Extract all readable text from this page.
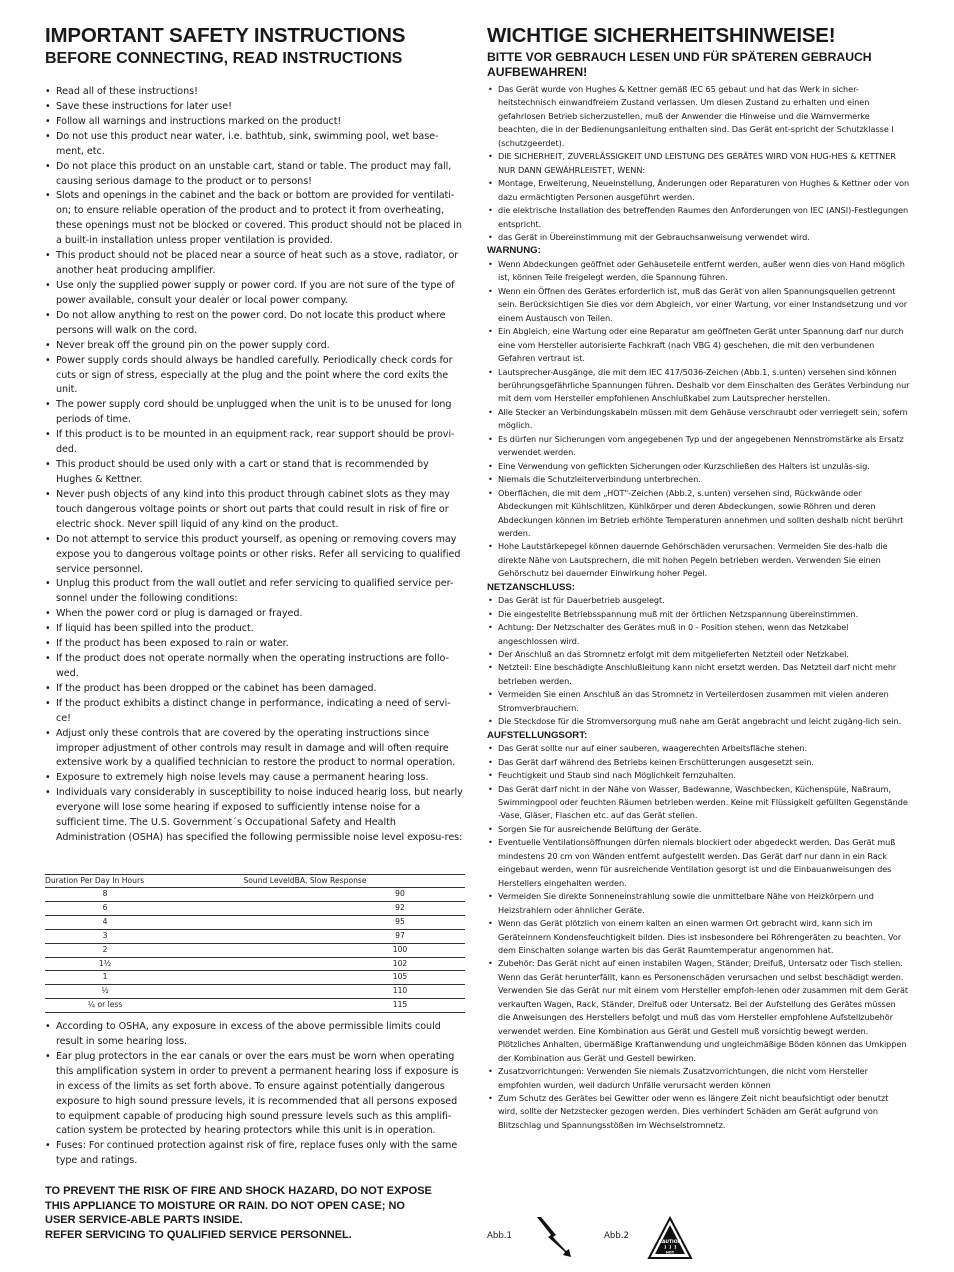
IMPORTANT SAFETY INSTRUCTIONS
BEFORE CONNECTING, READ INSTRUCTIONS
• Read all of these instructions!
• Save these instructions for later use!
• Follow all warnings and instructions marked on the product!
• Do not use this product near water, i.e. bathtub, sink, swimming pool, wet base-ment, etc.
• Do not place this product on an unstable cart, stand or table. The product may fall, causing serious damage to the product or to persons!
• Slots and openings in the cabinet and the back or bottom are provided for ventilati-on; to ensure reliable operation of the product and to protect it from overheating, these openings must not be blocked or covered. This product should not be placed in a built-in installation unless proper ventilation is provided.
• This product should not be placed near a source of heat such as a stove, radiator, or another heat producing amplifier.
• Use only the supplied power supply or power cord. If you are not sure of the type of power available, consult your dealer or local power company.
• Do not allow anything to rest on the power cord. Do not locate this product where persons will walk on the cord.
• Never break off the ground pin on the power supply cord.
• Power supply cords should always be handled carefully. Periodically check cords for cuts or sign of stress, especially at the plug and the point where the cord exits the unit.
• The power supply cord should be unplugged when the unit is to be unused for long periods of time.
• If this product is to be mounted in an equipment rack, rear support should be provi-ded.
• This product should be used only with a cart or stand that is recommended by Hughes & Kettner.
• Never push objects of any kind into this product through cabinet slots as they may touch dangerous voltage points or short out parts that could result in risk of fire or electric shock. Never spill liquid of any kind on the product.
• Do not attempt to service this product yourself, as opening or removing covers may expose you to dangerous voltage points or other risks. Refer all servicing to qualified service personnel.
• Unplug this product from the wall outlet and refer servicing to qualified service per-sonnel under the following conditions:
• When the power cord or plug is damaged or frayed.
• If liquid has been spilled into the product.
• If the product has been exposed to rain or water.
• If the product does not operate normally when the operating instructions are follo-wed.
• If the product has been dropped or the cabinet has been damaged.
• If the product exhibits a distinct change in performance, indicating a need of servi-ce!
• Adjust only these controls that are covered by the operating instructions since improper adjustment of other controls may result in damage and will often require extensive work by a qualified technician to restore the product to normal operation.
• Exposure to extremely high noise levels may cause a permanent hearing loss.
• Individuals vary considerably in susceptibility to noise induced hearig loss, but nearly everyone will lose some hearing if exposed to sufficiently intense noise for a sufficient time. The U.S. Government´s Occupational Safety and Health Administration (OSHA) has specified the following permissible noise level exposu-res:
Duration Per Day In Hours	Sound LeveldBA, Slow Response
8	90
6	92
4	95
3	97
2	100
1½	102
1	105
½	110
¼ or less	115
• According to OSHA, any exposure in excess of the above permissible limits could result in some hearing loss.
• Ear plug protectors in the ear canals or over the ears must be worn when operating this amplification system in order to prevent a permanent hearing loss if exposure is in excess of the limits as set forth above. To ensure against potentially dangerous exposure to high sound pressure levels, it is recommended that all persons exposed to equipment capable of producing high sound pressure levels such as this amplifi-cation system be protected by hearing protectors while this unit is in operation.
• Fuses: For continued protection against risk of fire, replace fuses only with the same type and ratings.
TO PREVENT THE RISK OF FIRE AND SHOCK HAZARD, DO NOT EXPOSE
THIS APPLIANCE TO MOISTURE OR RAIN. DO NOT OPEN CASE; NO
USER SERVICE-ABLE PARTS INSIDE.
REFER SERVICING TO QUALIFIED SERVICE PERSONNEL.
WICHTIGE SICHERHEITSHINWEISE!
BITTE VOR GEBRAUCH LESEN UND FÜR SPÄTEREN GEBRAUCH AUFBEWAHREN!
• Das Gerät wurde von Hughes & Kettner gemäß IEC 65 gebaut und hat das Werk in sicher-heitstechnisch einwandfreiem Zustand verlassen. Um diesen Zustand zu erhalten und einen gefahrlosen Betrieb sicherzustellen, muß der Anwender die Hinweise und die Warnvermerke beachten, die in der Bedienungsanleitung enthalten sind. Das Gerät ent-spricht der Schutzklasse I (schutzgeerdet).
• DIE SICHERHEIT, ZUVERLÄSSIGKEIT UND LEISTUNG DES GERÄTES WIRD VON HUG-HES & KETTNER NUR DANN GEWÄHRLEISTET, WENN:
• Montage, Erweiterung, Neueinstellung, Änderungen oder Reparaturen von Hughes & Kettner oder von dazu ermächtigten Personen ausgeführt werden.
• die elektrische Installation des betreffenden Raumes den Anforderungen von IEC (ANSI)-Festlegungen entspricht.
• das Gerät in Übereinstimmung mit der Gebrauchsanweisung verwendet wird.

WARNUNG:

• Wenn Abdeckungen geöffnet oder Gehäuseteile entfernt werden, außer wenn dies von Hand möglich ist, können Teile freigelegt werden, die Spannung führen.
• Wenn ein Öffnen des Gerätes erforderlich ist, muß das Gerät von allen Spannungsquellen getrennt sein. Berücksichtigen Sie dies vor dem Abgleich, vor einer Wartung, vor einer Instandsetzung und vor einem Austausch von Teilen.
• Ein Abgleich, eine Wartung oder eine Reparatur am geöffneten Gerät unter Spannung darf nur durch eine vom Hersteller autorisierte Fachkraft (nach VBG 4) geschehen, die mit den verbundenen Gefahren vertraut ist.
• Lautsprecher-Ausgänge, die mit dem IEC 417/5036-Zeichen (Abb.1, s.unten) versehen sind können berührungsgefährliche Spannungen führen. Deshalb vor dem Einschalten des Gerätes Verbindung nur mit dem vom Hersteller empfohlenen Anschlußkabel zum Lautsprecher herstellen.
• Alle Stecker an Verbindungskabeln müssen mit dem Gehäuse verschraubt oder verriegelt sein, sofern möglich.
• Es dürfen nur Sicherungen vom angegebenen Typ und der angegebenen Nennstromstärke als Ersatz verwendet werden.
• Eine Verwendung von geflickten Sicherungen oder Kurzschließen des Halters ist unzuläs-sig.
• Niemals die Schutzleiterverbindung unterbrechen.
• Oberflächen, die mit dem „HOT"-Zeichen (Abb.2, s.unten) versehen sind, Rückwände oder Abdeckungen mit Kühlschlitzen, Kühlkörper und deren Abdeckungen, sowie Röhren und deren Abdeckungen können im Betrieb erhöhte Temperaturen annehmen und sollten deshalb nicht berührt werden.
• Hohe Lautstärkepegel können dauernde Gehörschäden verursachen. Vermeiden Sie des-halb die direkte Nähe von Lautsprechern, die mit hohen Pegeln betrieben werden. Verwenden Sie einen Gehörschutz bei dauernder Einwirkung hoher Pegel.

NETZANSCHLUSS:

• Das Gerät ist für Dauerbetrieb ausgelegt.
• Die eingestellte Betriebsspannung muß mit der örtlichen Netzspannung übereinstimmen.
• Achtung: Der Netzschalter des Gerätes muß in 0 - Position stehen, wenn das Netzkabel angeschlossen wird.
• Der Anschluß an das Stromnetz erfolgt mit dem mitgelieferten Netzteil oder Netzkabel.
• Netzteil: Eine beschädigte Anschlußleitung kann nicht ersetzt werden. Das Netzteil darf nicht mehr betrieben werden.
• Vermeiden Sie einen Anschluß an das Stromnetz in Verteilerdosen zusammen mit vielen anderen Stromverbrauchern.
• Die Steckdose für die Stromversorgung muß nahe am Gerät angebracht und leicht zugäng-lich sein.

AUFSTELLUNGSORT:

• Das Gerät sollte nur auf einer sauberen, waagerechten Arbeitsfläche stehen.
• Das Gerät darf während des Betriebs keinen Erschütterungen ausgesetzt sein.
• Feuchtigkeit und Staub sind nach Möglichkeit fernzuhalten.
• Das Gerät darf nicht in der Nähe von Wasser, Badewanne, Waschbecken, Küchenspüle, Naßraum, Swimmingpool oder feuchten Räumen betrieben werden. Keine mit Flüssigkeit gefüllten Gegenstände -Vase, Gläser, Flaschen etc. auf das Gerät stellen.
• Sorgen Sie für ausreichende Belüftung der Geräte.
• Eventuelle Ventilationsöffnungen dürfen niemals blockiert oder abgedeckt werden. Das Gerät muß mindestens 20 cm von Wänden entfernt aufgestellt werden. Das Gerät darf nur dann in ein Rack eingebaut werden, wenn für ausreichende Ventilation gesorgt ist und die Einbauanweisungen des Herstellers eingehalten werden.
• Vermeiden Sie direkte Sonneneinstrahlung sowie die unmittelbare Nähe von Heizkörpern und Heizstrahlern oder ähnlicher Geräte.
• Wenn das Gerät plötzlich von einem kalten an einen warmen Ort gebracht wird, kann sich im Geräteinnern Kondensfeuchtigkeit bilden. Dies ist insbesondere bei Röhrengeräten zu beachten. Vor dem Einschalten solange warten bis das Gerät Raumtemperatur angenommen hat.
• Zubehör: Das Gerät nicht auf einen instabilen Wagen, Ständer, Dreifuß, Untersatz oder Tisch stellen. Wenn das Gerät herunterfällt, kann es Personenschäden verursachen und selbst beschädigt werden. Verwenden Sie das Gerät nur mit einem vom Hersteller empfoh-lenen oder zusammen mit dem Gerät verkauften Wagen, Rack, Ständer, Dreifuß oder Untersatz. Bei der Aufstellung des Gerätes müssen die Anweisungen des Herstellers befolgt und muß das vom Hersteller empfohlene Aufstellzubehör verwendet werden. Eine Kombination aus Gerät und Gestell muß vorsichtig bewegt werden. Plötzliches Anhalten, übermäßige Kraftanwendung und ungleichmäßige Böden können das Umkippen der Kombination aus Gerät und Gestell bewirken.
• Zusatzvorrichtungen: Verwenden Sie niemals Zusatzvorrichtungen, die nicht vom Hersteller empfohlen wurden, weil dadurch Unfälle verursacht werden können
• Zum Schutz des Gerätes bei Gewitter oder wenn es längere Zeit nicht beaufsichtigt oder benutzt wird, sollte der Netzstecker gezogen werden. Dies verhindert Schäden am Gerät aufgrund von Blitzschlag und Spannungsstößen im Wechselstromnetz.
Abb.1	Abb.2
CAUTION
HOT
